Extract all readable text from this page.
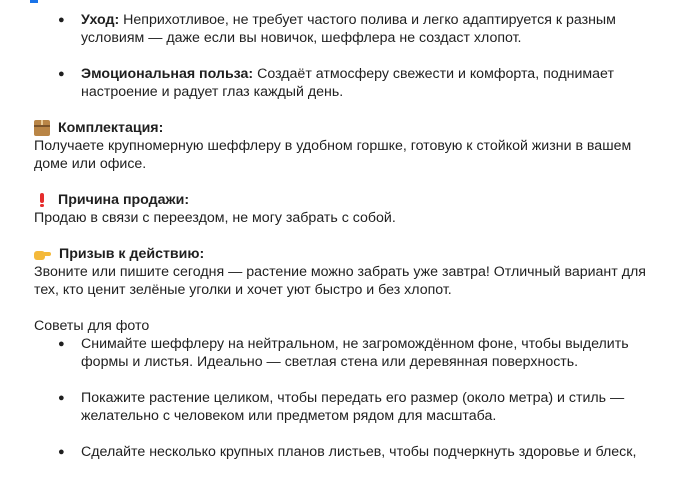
● Уход: Неприхотливое, не требует частого полива и легко адаптируется к разным условиям — даже если вы новичок, шеффлера не создаст хлопот.
● Эмоциональная польза: Создаёт атмосферу свежести и комфорта, поднимает настроение и радует глаз каждый день.
Комплектация:
Получаете крупномерную шеффлеру в удобном горшке, готовую к стойкой жизни в вашем доме или офисе.
Причина продажи:
Продаю в связи с переездом, не могу забрать с собой.
Призыв к действию:
Звоните или пишите сегодня — растение можно забрать уже завтра! Отличный вариант для тех, кто ценит зелёные уголки и хочет уют быстро и без хлопот.
Советы для фото
● Снимайте шеффлеру на нейтральном, не загромождённом фоне, чтобы выделить формы и листья. Идеально — светлая стена или деревянная поверхность.
● Покажите растение целиком, чтобы передать его размер (около метра) и стиль — желательно с человеком или предметом рядом для масштаба.
● Сделайте несколько крупных планов листьев, чтобы подчеркнуть здоровье и блеск,
